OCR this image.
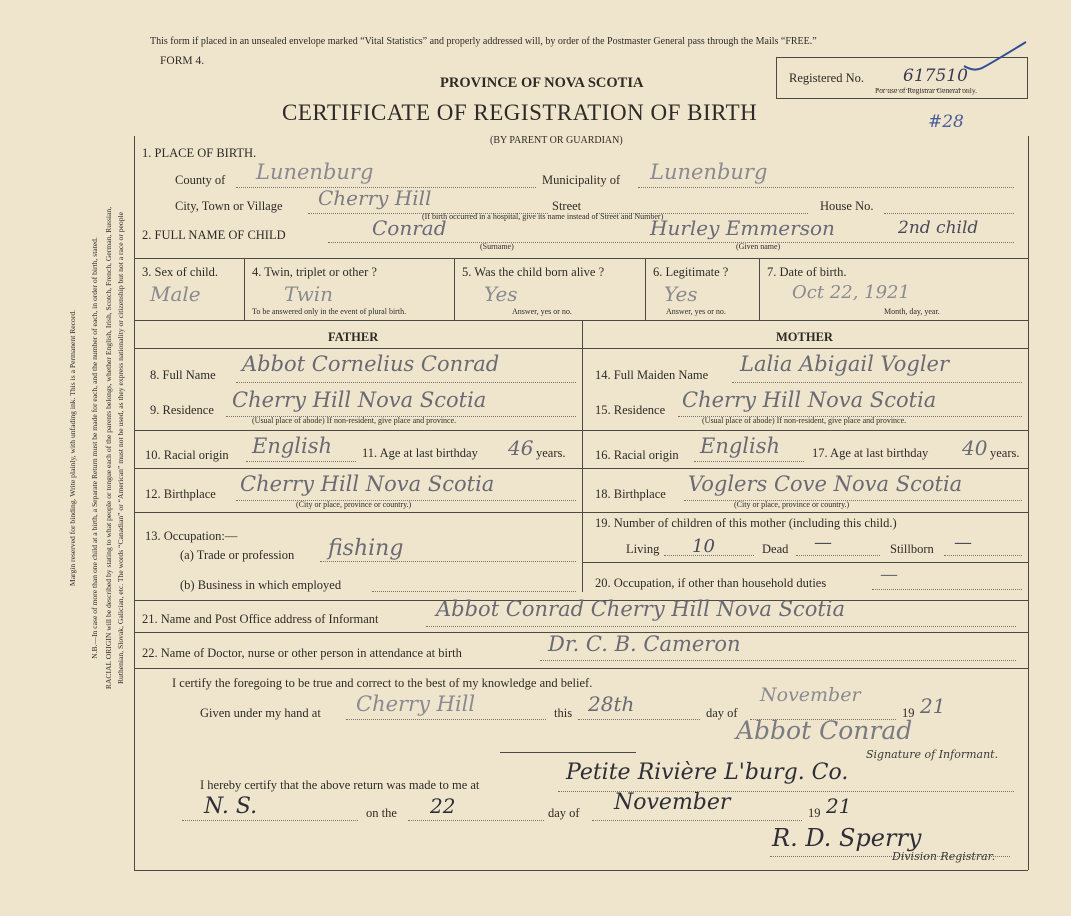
Margin reserved for binding. Write plainly, with unfading ink. This is a Permanent Record. N.B.—In case of more than one child at a birth, a Separate Return must be made for each, and the number of each, in order of birth, stated. RACIAL ORIGIN will be described by stating to what people or tongue each of the parents belongs, whether English, Irish, Scotch, French, German, Russian, Ruthenian, Slovak, Galician, etc. The words “Canadian” or “American” must not be used, as they express nationality or citizenship but not a race or people
This form if placed in an unsealed envelope marked “Vital Statistics” and properly addressed will, by order of the Postmaster General pass through the Mails “FREE.”
FORM 4.
PROVINCE OF NOVA SCOTIA
CERTIFICATE OF REGISTRATION OF BIRTH
(BY PARENT OR GUARDIAN)
Registered No. 617510
For use of Registrar General only.
#28
1. PLACE OF BIRTH.
County of Lunenburg	Municipality of Lunenburg
City, Town or Village Cherry Hill	Street	House No.
(If birth occurred in a hospital, give its name instead of Street and Number)
2. FULL NAME OF CHILD	Conrad	Hurley Emmerson	2nd child
(Surname)	(Given name)
3. Sex of child.
Male
4. Twin, triplet or other ?
Twin
To be answered only in the event of plural birth.
5. Was the child born alive ?
Yes
Answer, yes or no.
6. Legitimate ?
Yes
Answer, yes or no.
7. Date of birth.
Oct 22, 1921
Month, day, year.
FATHER	MOTHER
8. Full Name Abbot Cornelius Conrad
9. Residence Cherry Hill Nova Scotia
(Usual place of abode) If non-resident, give place and province.
10. Racial origin English 11. Age at last birthday 46 years.
12. Birthplace Cherry Hill Nova Scotia
(City or place, province or country.)
13. Occupation:—
(a) Trade or profession fishing
(b) Business in which employed
14. Full Maiden Name Lalia Abigail Vogler
15. Residence Cherry Hill Nova Scotia
(Usual place of abode) If non-resident, give place and province.
16. Racial origin English	17. Age at last birthday 40 years.
18. Birthplace Voglers Cove Nova Scotia
(City or place, province or country.)
19. Number of children of this mother (including this child.)
Living 10	Dead —	Stillborn —
20. Occupation, if other than household duties	—
21. Name and Post Office address of Informant	Abbot Conrad Cherry Hill Nova Scotia
22. Name of Doctor, nurse or other person in attendance at birth	Dr. C. B. Cameron
I certify the foregoing to be true and correct to the best of my knowledge and belief.
Given under my hand at Cherry Hill	this 28th	day of
November
19 21
Abbot Conrad
Signature of Informant.
I hereby certify that the above return was made to me at	Petite Rivière L'burg. Co.
N. S.	on the 22	day of November	19 21
R. D. Sperry
Division Registrar.
